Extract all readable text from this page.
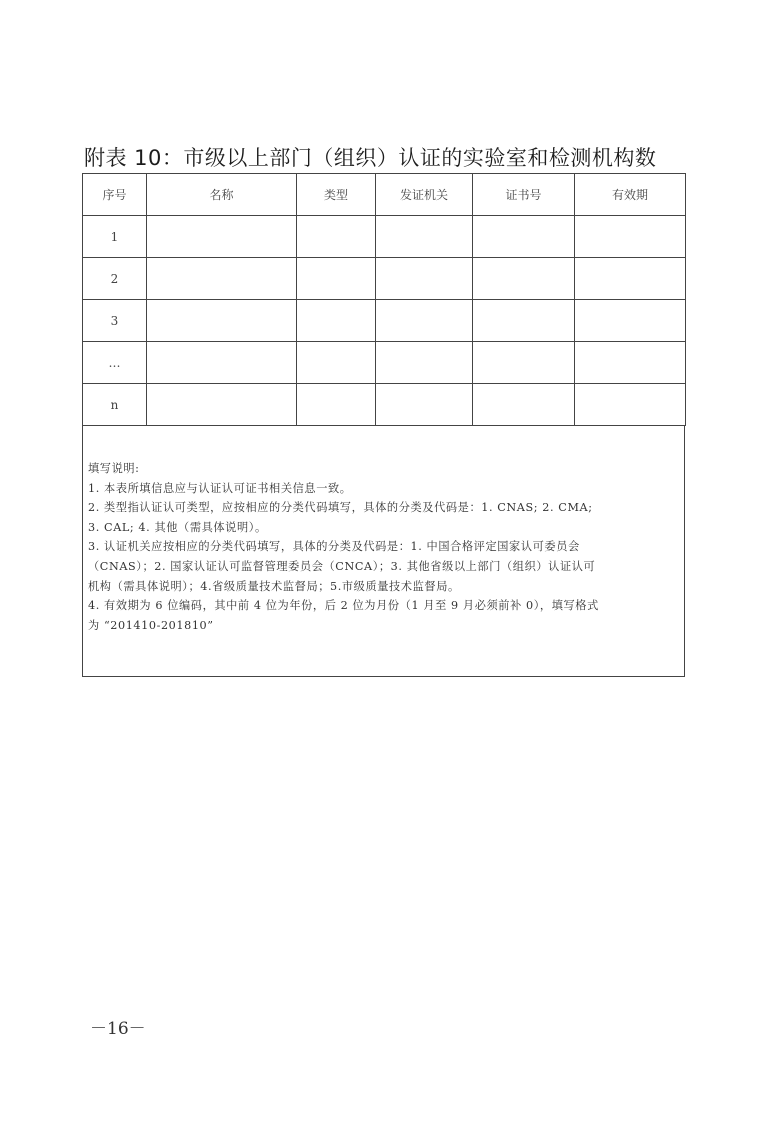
附表 10：市级以上部门（组织）认证的实验室和检测机构数
序号	名称	类型	发证机关	证书号	有效期
1					
2					
3					
…					
n					
填写说明:
1. 本表所填信息应与认证认可证书相关信息一致。
2. 类型指认证认可类型，应按相应的分类代码填写，具体的分类及代码是：1. CNAS; 2. CMA;
3. CAL; 4. 其他（需具体说明）。
3. 认证机关应按相应的分类代码填写，具体的分类及代码是：1. 中国合格评定国家认可委员会
（CNAS）；2. 国家认证认可监督管理委员会（CNCA）；3. 其他省级以上部门（组织）认证认可
机构（需具体说明）；4.省级质量技术监督局；5.市级质量技术监督局。
4. 有效期为 6 位编码，其中前 4 位为年份，后 2 位为月份（1 月至 9 月必须前补 0），填写格式
为 “201410-201810”
－16－
